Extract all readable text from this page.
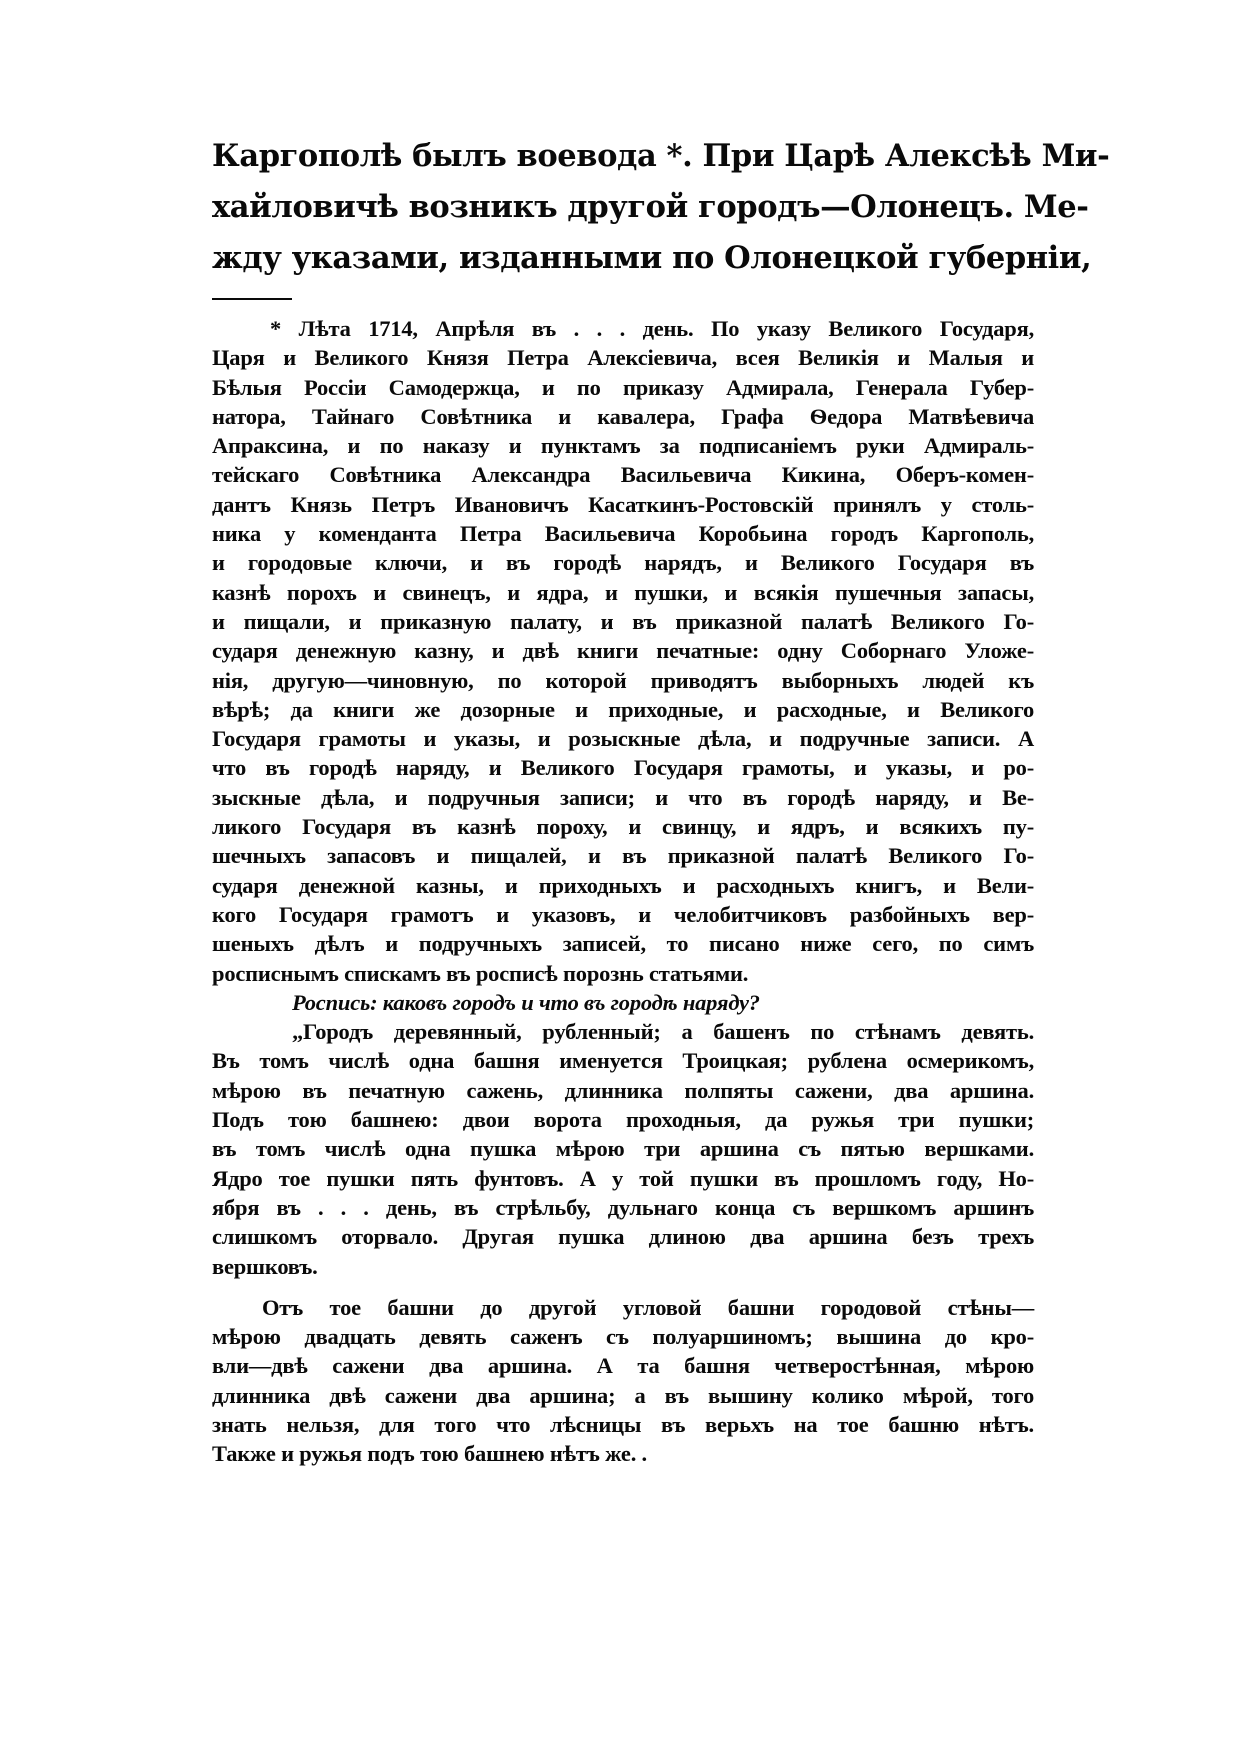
Каргополѣ былъ воевода *. При Царѣ Алексѣѣ Ми-
хайловичѣ возникъ другой городъ—Олонецъ. Ме-
жду указами, изданными по Олонецкой губерніи,
* Лѣта 1714, Апрѣля въ . . . день. По указу Великого Государя,
Царя и Великого Князя Петра Алексіевича, всея Великія и Малыя и
Бѣлыя Россіи Самодержца, и по приказу Адмирала, Генерала Губер-
натора, Тайнаго Совѣтника и кавалера, Графа Ѳедора Матвѣевича
Апраксина, и по наказу и пунктамъ за подписаніемъ руки Адмираль-
тейскаго Совѣтника Александра Васильевича Кикина, Оберъ-комен-
дантъ Князь Петръ Ивановичъ Касаткинъ-Ростовскій принялъ у столь-
ника у коменданта Петра Васильевича Коробьина городъ Каргополь,
и городовые ключи, и въ городѣ нарядъ, и Великого Государя въ
казнѣ порохъ и свинецъ, и ядра, и пушки, и всякія пушечныя запасы,
и пищали, и приказную палату, и въ приказной палатѣ Великого Го-
сударя денежную казну, и двѣ книги печатные: одну Соборнаго Уложе-
нія, другую—чиновную, по которой приводятъ выборныхъ людей къ
вѣрѣ; да книги же дозорные и приходные, и расходные, и Великого
Государя грамоты и указы, и розыскные дѣла, и подручные записи. А
что въ городѣ наряду, и Великого Государя грамоты, и указы, и ро-
зыскные дѣла, и подручныя записи; и что въ городѣ наряду, и Ве-
ликого Государя въ казнѣ пороху, и свинцу, и ядръ, и всякихъ пу-
шечныхъ запасовъ и пищалей, и въ приказной палатѣ Великого Го-
сударя денежной казны, и приходныхъ и расходныхъ книгъ, и Вели-
кого Государя грамотъ и указовъ, и челобитчиковъ разбойныхъ вер-
шеныхъ дѣлъ и подручныхъ записей, то писано ниже сего, по симъ
росписнымъ спискамъ въ росписѣ порознь статьями.
Роспись: каковъ городъ и что въ городѣ наряду?
„Городъ деревянный, рубленный; а башенъ по стѣнамъ девять.
Въ томъ числѣ одна башня именуется Троицкая; рублена осмерикомъ,
мѣрою въ печатную сажень, длинника полпяты сажени, два аршина.
Подъ тою башнею: двои ворота проходныя, да ружья три пушки;
въ томъ числѣ одна пушка мѣрою три аршина съ пятью вершками.
Ядро тое пушки пять фунтовъ. А у той пушки въ прошломъ году, Но-
ября въ . . . день, въ стрѣльбу, дульнаго конца съ вершкомъ аршинъ
слишкомъ оторвало. Другая пушка длиною два аршина безъ трехъ
вершковъ.
Отъ тое башни до другой угловой башни городовой стѣны—
мѣрою двадцать девять саженъ съ полуаршиномъ; вышина до кро-
вли—двѣ сажени два аршина. А та башня четверостѣнная, мѣрою
длинника двѣ сажени два аршина; а въ вышину колико мѣрой, того
знать нельзя, для того что лѣсницы въ верьхъ на тое башню нѣтъ.
Также и ружья подъ тою башнею нѣтъ же. .
